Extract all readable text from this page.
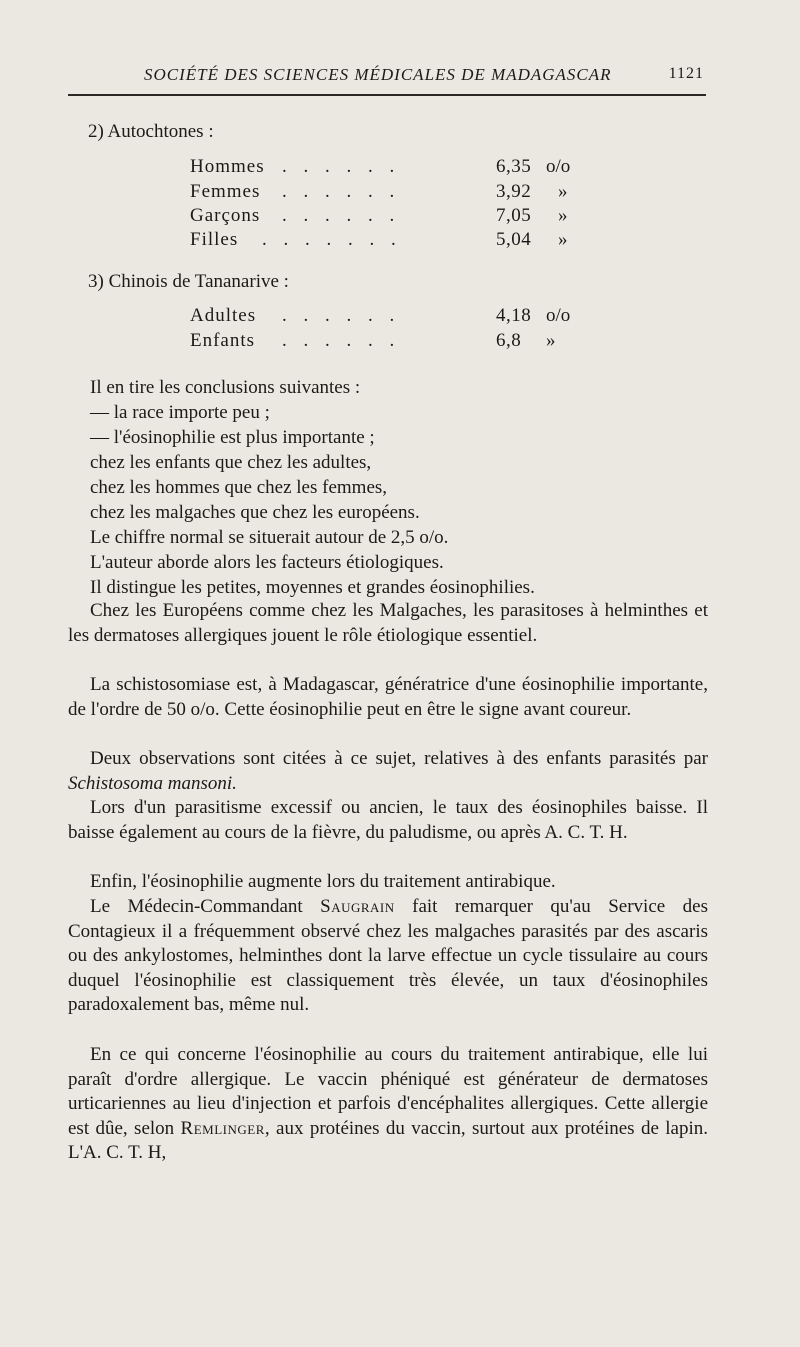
SOCIÉTÉ DES SCIENCES MÉDICALES DE MADAGASCAR	1121
2) Autochtones :
Hommes . . . . . .	6,35 o/o
Femmes . . . . . .	3,92 »
Garçons . . . . . .	7,05 »
Filles . . . . . . .	5,04 »
3) Chinois de Tananarive :
Adultes . . . . . .	4,18 o/o
Enfants . . . . . .	6,8 »
Il en tire les conclusions suivantes :
— la race importe peu ;
— l'éosinophilie est plus importante ;
chez les enfants que chez les adultes,
chez les hommes que chez les femmes,
chez les malgaches que chez les européens.
Le chiffre normal se situerait autour de 2,5 o/o.
L'auteur aborde alors les facteurs étiologiques.
Il distingue les petites, moyennes et grandes éosinophilies.
Chez les Européens comme chez les Malgaches, les parasitoses à helminthes et les dermatoses allergiques jouent le rôle étiologique essentiel.
La schistosomiase est, à Madagascar, génératrice d'une éosinophilie importante, de l'ordre de 50 o/o. Cette éosinophilie peut en être le signe avant coureur.
Deux observations sont citées à ce sujet, relatives à des enfants parasités par Schistosoma mansoni.
Lors d'un parasitisme excessif ou ancien, le taux des éosinophiles baisse. Il baisse également au cours de la fièvre, du paludisme, ou après A. C. T. H.
Enfin, l'éosinophilie augmente lors du traitement antirabique.
Le Médecin-Commandant Saugrain fait remarquer qu'au Service des Contagieux il a fréquemment observé chez les malgaches parasités par des ascaris ou des ankylostomes, helminthes dont la larve effectue un cycle tissulaire au cours duquel l'éosinophilie est classiquement très élevée, un taux d'éosinophiles paradoxalement bas, même nul.
En ce qui concerne l'éosinophilie au cours du traitement antirabique, elle lui paraît d'ordre allergique. Le vaccin phéniqué est générateur de dermatoses urticariennes au lieu d'injection et parfois d'encéphalites allergiques. Cette allergie est dûe, selon Remlinger, aux protéines du vaccin, surtout aux protéines de lapin. L'A. C. T. H,
